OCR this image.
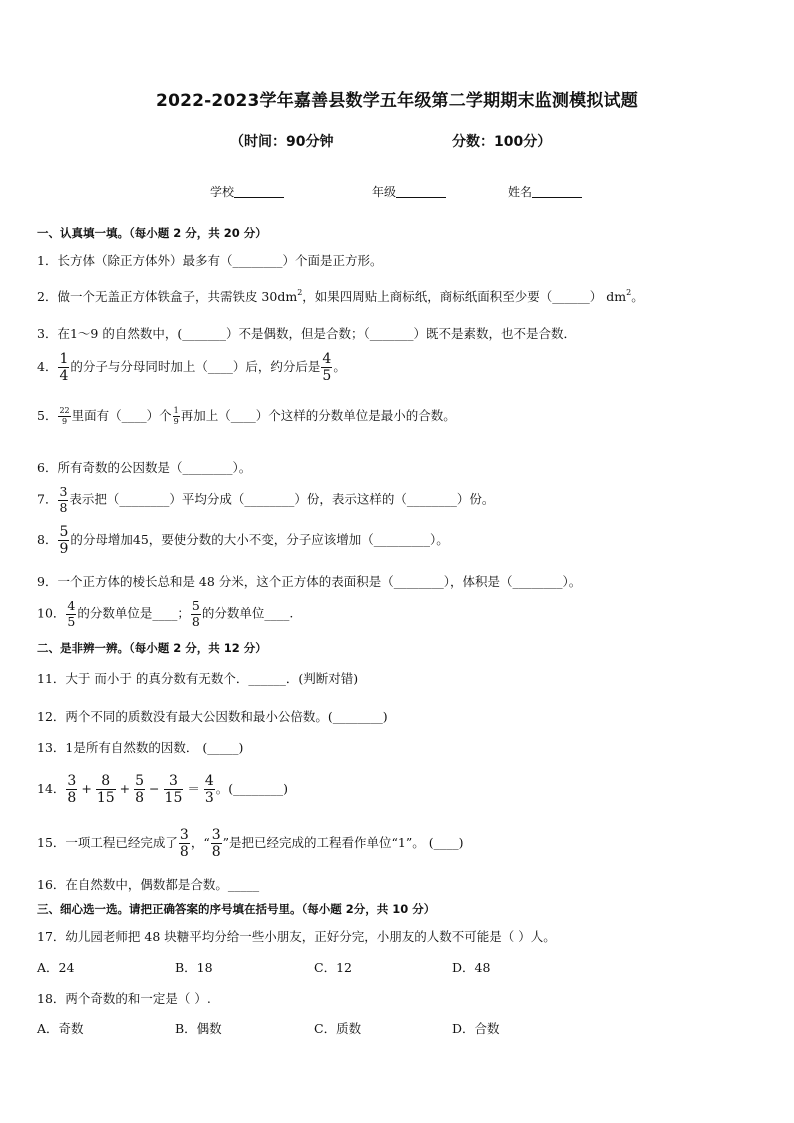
2022-2023学年嘉善县数学五年级第二学期期末监测模拟试题
（时间：90分钟	分数：100分）
学校	年级	姓名
一、认真填一填。（每小题 2 分，共 20 分）
1．长方体（除正方体外）最多有（________）个面是正方形。
2．做一个无盖正方体铁盒子，共需铁皮 $30dm^2$，如果四周贴上商标纸，商标纸面积至少要（______） $dm^2$。
3．在1～9 的自然数中，(_______）不是偶数，但是合数；（_______）既不是素数，也不是合数．
4． $\frac{1}{4}$ 的分子与分母同时加上（____）后，约分后是 $\frac{4}{5}$ 。
5． $\frac{22}{9}$ 里面有（____）个 $\frac{1}{9}$ 再加上（____）个这样的分数单位是最小的合数。
6．所有奇数的公因数是（________）。
7． $\frac{3}{8}$ 表示把（________）平均分成（________）份，表示这样的（________）份。
8． $\frac{5}{9}$ 的分母增加45，要使分数的大小不变，分子应该增加（_________）。
9．一个正方体的棱长总和是 48 分米，这个正方体的表面积是（________），体积是（________）。
10． $\frac{4}{5}$ 的分数单位是____； $\frac{5}{8}$ 的分数单位____.
二、是非辨一辨。（每小题 2 分，共 12 分）
11．大于 而小于 的真分数有无数个．______．(判断对错)
12．两个不同的质数没有最大公因数和最小公倍数。(________)
13．1是所有自然数的因数． (_____)
14． $\frac{3}{8} + \frac{8}{15} + \frac{5}{8} - \frac{3}{15} = \frac{4}{3}$ 。(________)
15．一项工程已经完成了 $\frac{3}{8}$ ，“ $\frac{3}{8}$ ”是把已经完成的工程看作单位“1”。 (____)
16．在自然数中，偶数都是合数。_____
三、细心选一选。请把正确答案的序号填在括号里。（每小题 2分，共 10 分）
17．幼儿园老师把 48 块糖平均分给一些小朋友，正好分完，小朋友的人数不可能是（ ）人。
A．24	B．18	C．12	D．48
18．两个奇数的和一定是（ ）.
A．奇数	B．偶数	C．质数	D．合数
